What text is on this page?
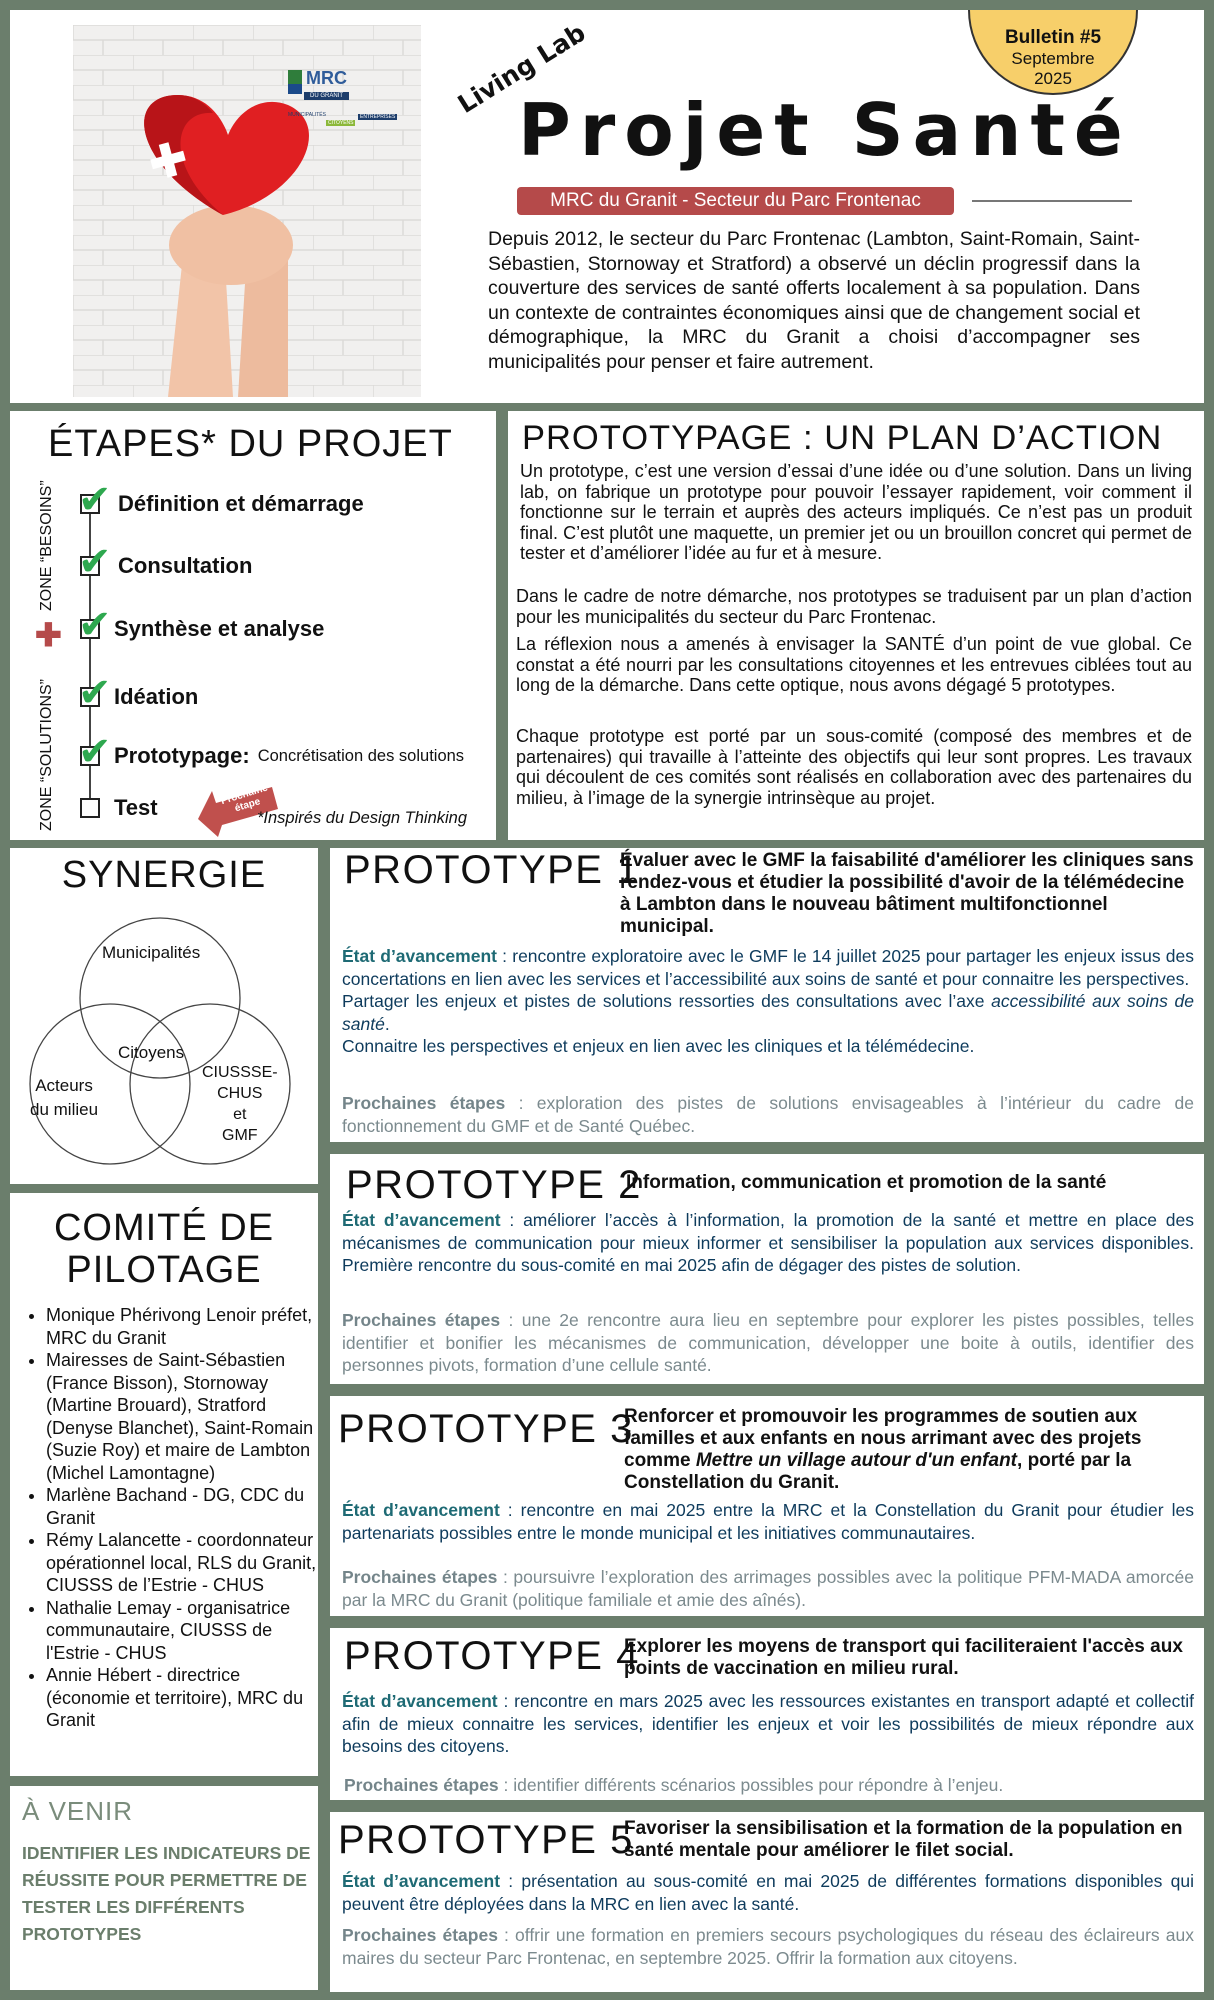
MRC
DU GRANIT
MUNICIPALITÉS
CITOYENS
ENTREPRISES
Bulletin #5
Septembre
2025
Living Lab
Projet Santé
MRC du Granit - Secteur du Parc Frontenac

Depuis 2012, le secteur du Parc Frontenac (Lambton, Saint-Romain, Saint-Sébastien, Stornoway et Stratford) a observé un déclin progressif dans la couverture des services de santé offerts localement à sa population. Dans un contexte de contraintes économiques ainsi que de changement social et démographique, la MRC du Granit a choisi d’accompagner ses municipalités pour penser et faire autrement.

ÉTAPES* DU PROJET
ZONE “BESOINS”
✚
ZONE “SOLUTIONS”
✔ Définition et démarrage
✔ Consultation
✔ Synthèse et analyse
✔ Idéation
✔ Prototypage: Concrétisation des solutions
Test
Prochaine étape
*Inspirés du Design Thinking
PROTOTYPAGE : UN PLAN D’ACTION

Un prototype, c’est une version d’essai d’une idée ou d’une solution. Dans un living lab, on fabrique un prototype pour pouvoir l’essayer rapidement, voir comment il fonctionne sur le terrain et auprès des acteurs impliqués. Ce n’est pas un produit final. C’est plutôt une maquette, un premier jet ou un brouillon concret qui permet de tester et d’améliorer l’idée au fur et à mesure.

Dans le cadre de notre démarche, nos prototypes se traduisent par un plan d’action pour les municipalités du secteur du Parc Frontenac.

La réflexion nous a amenés à envisager la SANTÉ d’un point de vue global. Ce constat a été nourri par les consultations citoyennes et les entrevues ciblées tout au long de la démarche. Dans cette optique, nous avons dégagé 5 prototypes.

Chaque prototype est porté par un sous-comité (composé des membres et de partenaires) qui travaille à l’atteinte des objectifs qui leur sont propres. Les travaux qui découlent de ces comités sont réalisés en collaboration avec des partenaires du milieu, à l’image de la synergie intrinsèque au projet.

SYNERGIE
Municipalités
Citoyens
Acteurs
du milieu
CIUSSSE-
CHUS
et
GMF
COMITÉ DE
PILOTAGE
• Monique Phérivong Lenoir préfet, MRC du Granit
• Mairesses de Saint-Sébastien (France Bisson), Stornoway (Martine Brouard), Stratford (Denyse Blanchet), Saint-Romain (Suzie Roy) et maire de Lambton (Michel Lamontagne)
• Marlène Bachand - DG, CDC du Granit
• Rémy Lalancette - coordonnateur opérationnel local, RLS du Granit, CIUSSS de l’Estrie - CHUS
• Nathalie Lemay - organisatrice communautaire, CIUSSS de l'Estrie - CHUS
• Annie Hébert - directrice (économie et territoire), MRC du Granit
À VENIR
IDENTIFIER LES INDICATEURS DE RÉUSSITE POUR PERMETTRE DE TESTER LES DIFFÉRENTS PROTOTYPES
PROTOTYPE 1
Évaluer avec le GMF la faisabilité d'améliorer les cliniques sans rendez-vous et étudier la possibilité d'avoir de la télémédecine à Lambton dans le nouveau bâtiment multifonctionnel municipal.
État d’avancement : rencontre exploratoire avec le GMF le 14 juillet 2025 pour partager les enjeux issus des concertations en lien avec les services et l’accessibilité aux soins de santé et pour connaitre les perspectives.
Partager les enjeux et pistes de solutions ressorties des consultations avec l’axe accessibilité aux soins de santé.
Connaitre les perspectives et enjeux en lien avec les cliniques et la télémédecine.
Prochaines étapes : exploration des pistes de solutions envisageables à l’intérieur du cadre de fonctionnement du GMF et de Santé Québec.
PROTOTYPE 2
Information, communication et promotion de la santé
État d’avancement : améliorer l’accès à l’information, la promotion de la santé et mettre en place des mécanismes de communication pour mieux informer et sensibiliser la population aux services disponibles. Première rencontre du sous-comité en mai 2025 afin de dégager des pistes de solution.
Prochaines étapes : une 2e rencontre aura lieu en septembre pour explorer les pistes possibles, telles identifier et bonifier les mécanismes de communication, développer une boite à outils, identifier des personnes pivots, formation d’une cellule santé.
PROTOTYPE 3
Renforcer et promouvoir les programmes de soutien aux familles et aux enfants en nous arrimant avec des projets comme Mettre un village autour d'un enfant, porté par la Constellation du Granit.
État d’avancement : rencontre en mai 2025 entre la MRC et la Constellation du Granit pour étudier les partenariats possibles entre le monde municipal et les initiatives communautaires.
Prochaines étapes : poursuivre l’exploration des arrimages possibles avec la politique PFM-MADA amorcée par la MRC du Granit (politique familiale et amie des aînés).
PROTOTYPE 4
Explorer les moyens de transport qui faciliteraient l'accès aux points de vaccination en milieu rural.
État d’avancement : rencontre en mars 2025 avec les ressources existantes en transport adapté et collectif afin de mieux connaitre les services, identifier les enjeux et voir les possibilités de mieux répondre aux besoins des citoyens.
Prochaines étapes : identifier différents scénarios possibles pour répondre à l’enjeu.
PROTOTYPE 5
Favoriser la sensibilisation et la formation de la population en santé mentale pour améliorer le filet social.
État d’avancement : présentation au sous-comité en mai 2025 de différentes formations disponibles qui peuvent être déployées dans la MRC en lien avec la santé.
Prochaines étapes : offrir une formation en premiers secours psychologiques du réseau des éclaireurs aux maires du secteur Parc Frontenac, en septembre 2025. Offrir la formation aux citoyens.
